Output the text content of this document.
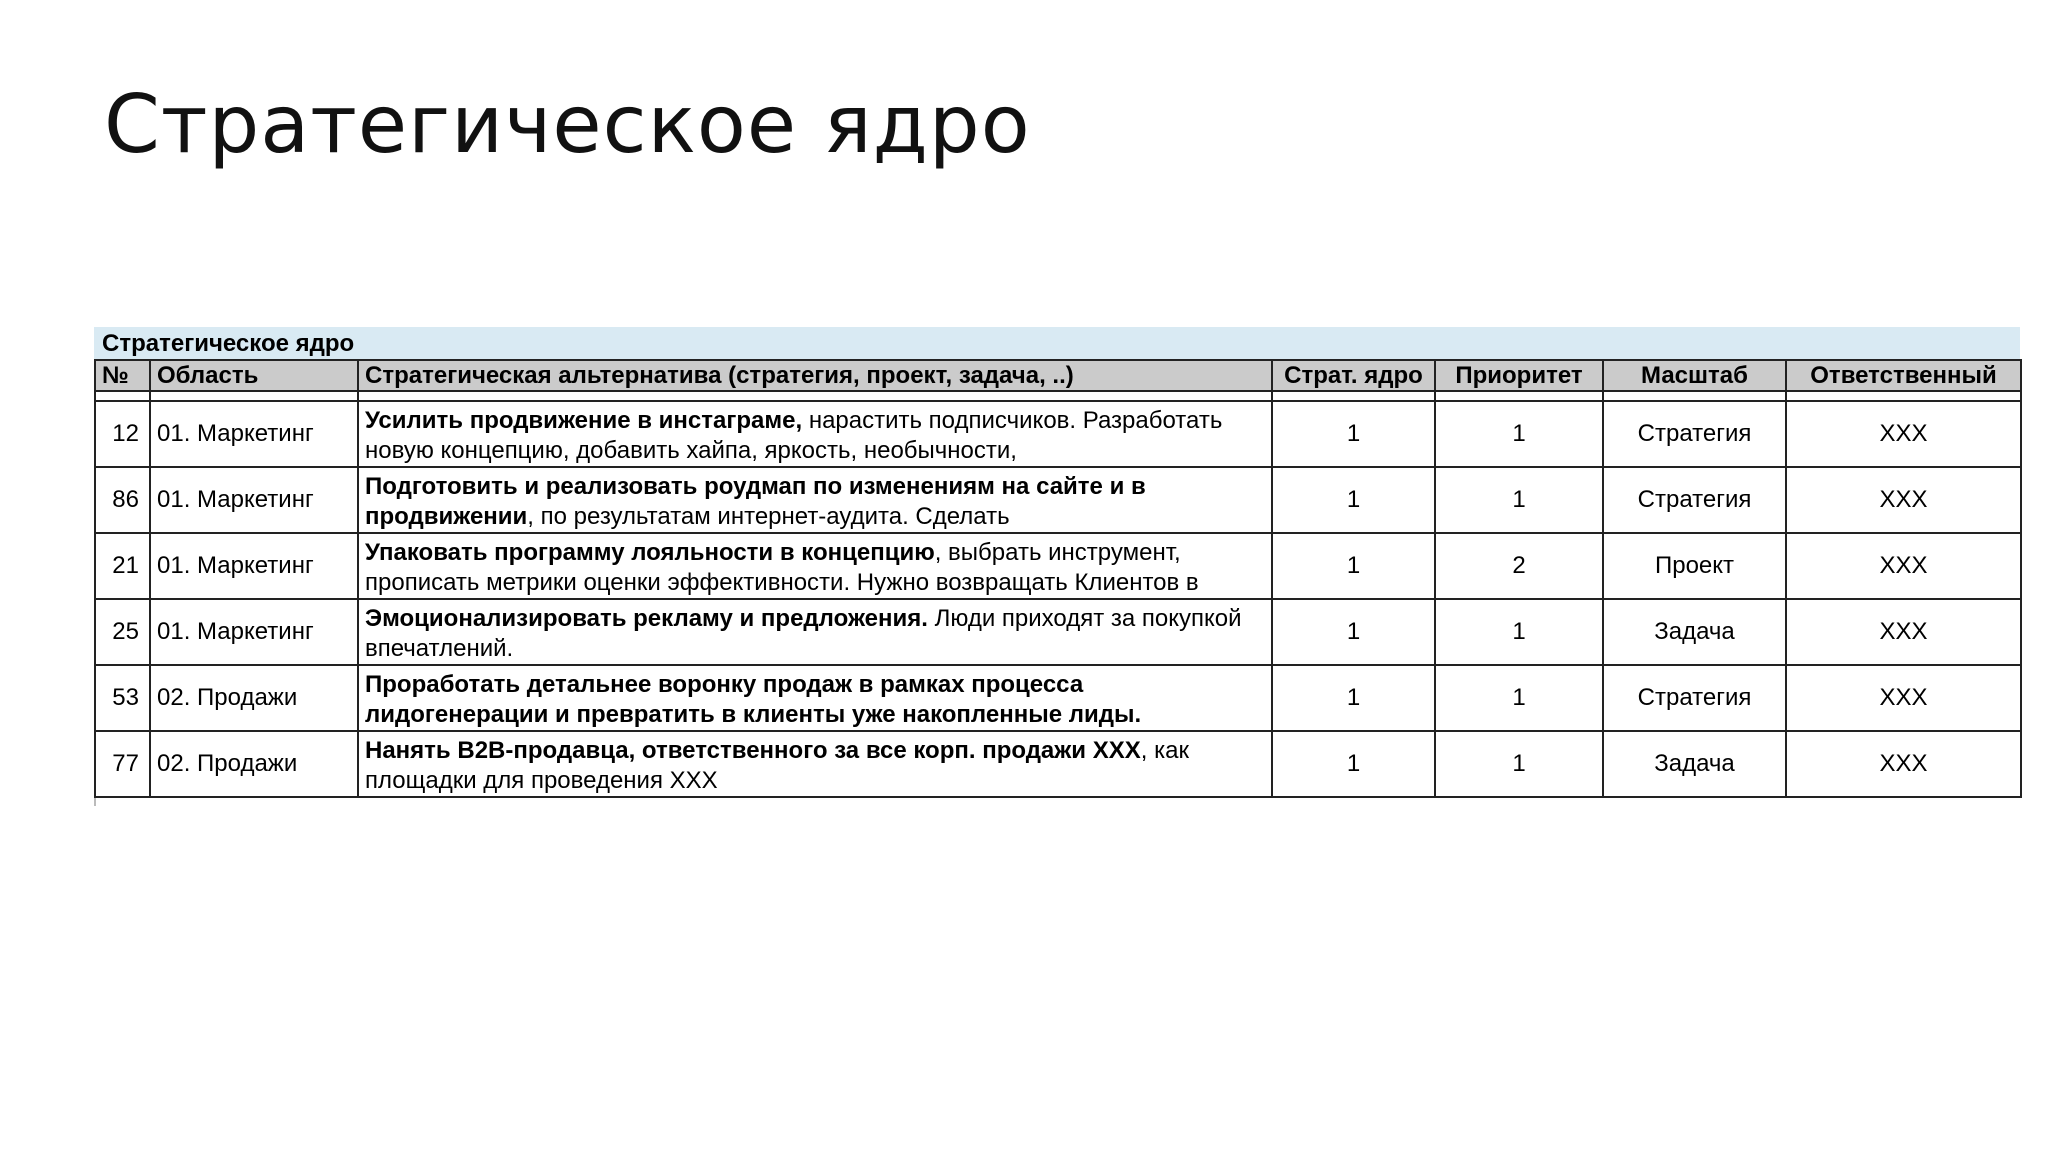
Стратегическое ядро
Стратегическое ядро
№	Область	Стратегическая альтернатива (стратегия, проект, задача, ..)	Страт. ядро	Приоритет	Масштаб	Ответственный

12	01. Маркетинг	Усилить продвижение в инстаграме, нарастить подписчиков. Разработать новую концепцию, добавить хайпа, яркость, необычности,	1	1	Стратегия	XXX
86	01. Маркетинг	Подготовить и реализовать роудмап по изменениям на сайте и в продвижении, по результатам интернет-аудита. Сделать	1	1	Стратегия	XXX
21	01. Маркетинг	Упаковать программу лояльности в концепцию, выбрать инструмент, прописать метрики оценки эффективности. Нужно возвращать Клиентов в	1	2	Проект	XXX
25	01. Маркетинг	Эмоционализировать рекламу и предложения. Люди приходят за покупкой впечатлений.	1	1	Задача	XXX
53	02. Продажи	Проработать детальнее воронку продаж в рамках процесса лидогенерации и превратить в клиенты уже накопленные лиды.	1	1	Стратегия	XXX
77	02. Продажи	Нанять B2B-продавца, ответственного за все корп. продажи XXX, как площадки для проведения XXX	1	1	Задача	XXX
